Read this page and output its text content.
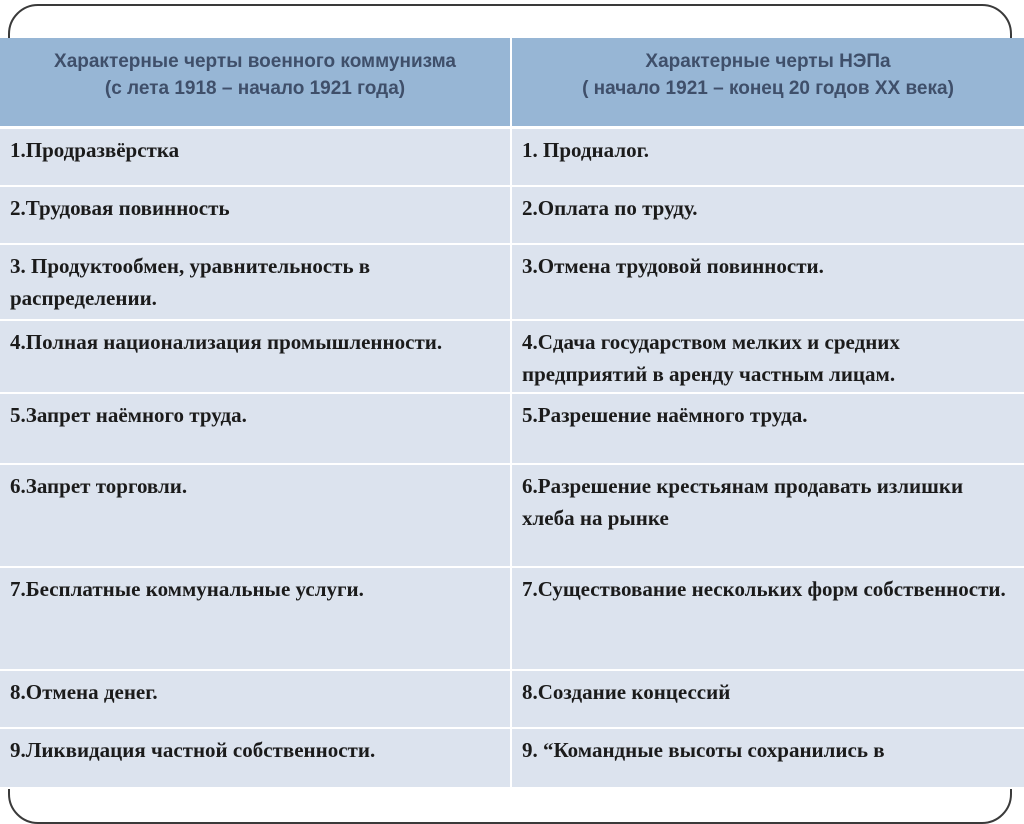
Характерные черты военного коммунизма
(с лета 1918 – начало 1921 года)	Характерные черты НЭПа
( начало 1921 – конец 20 годов XX века)

1.Продразвёрстка	1. Продналог.
2.Трудовая повинность	2.Оплата по труду.
3. Продуктообмен, уравнительность в распределении.	3.Отмена трудовой повинности.
4.Полная национализация промышленности.	4.Сдача государством мелких и средних предприятий в аренду частным лицам.
5.Запрет наёмного труда.	5.Разрешение наёмного труда.
6.Запрет торговли.	6.Разрешение крестьянам продавать излишки хлеба на рынке
7.Бесплатные коммунальные услуги.	7.Существование нескольких форм собственности.
8.Отмена денег.	8.Создание концессий
9.Ликвидация частной собственности.	9. “Командные высоты сохранились в
